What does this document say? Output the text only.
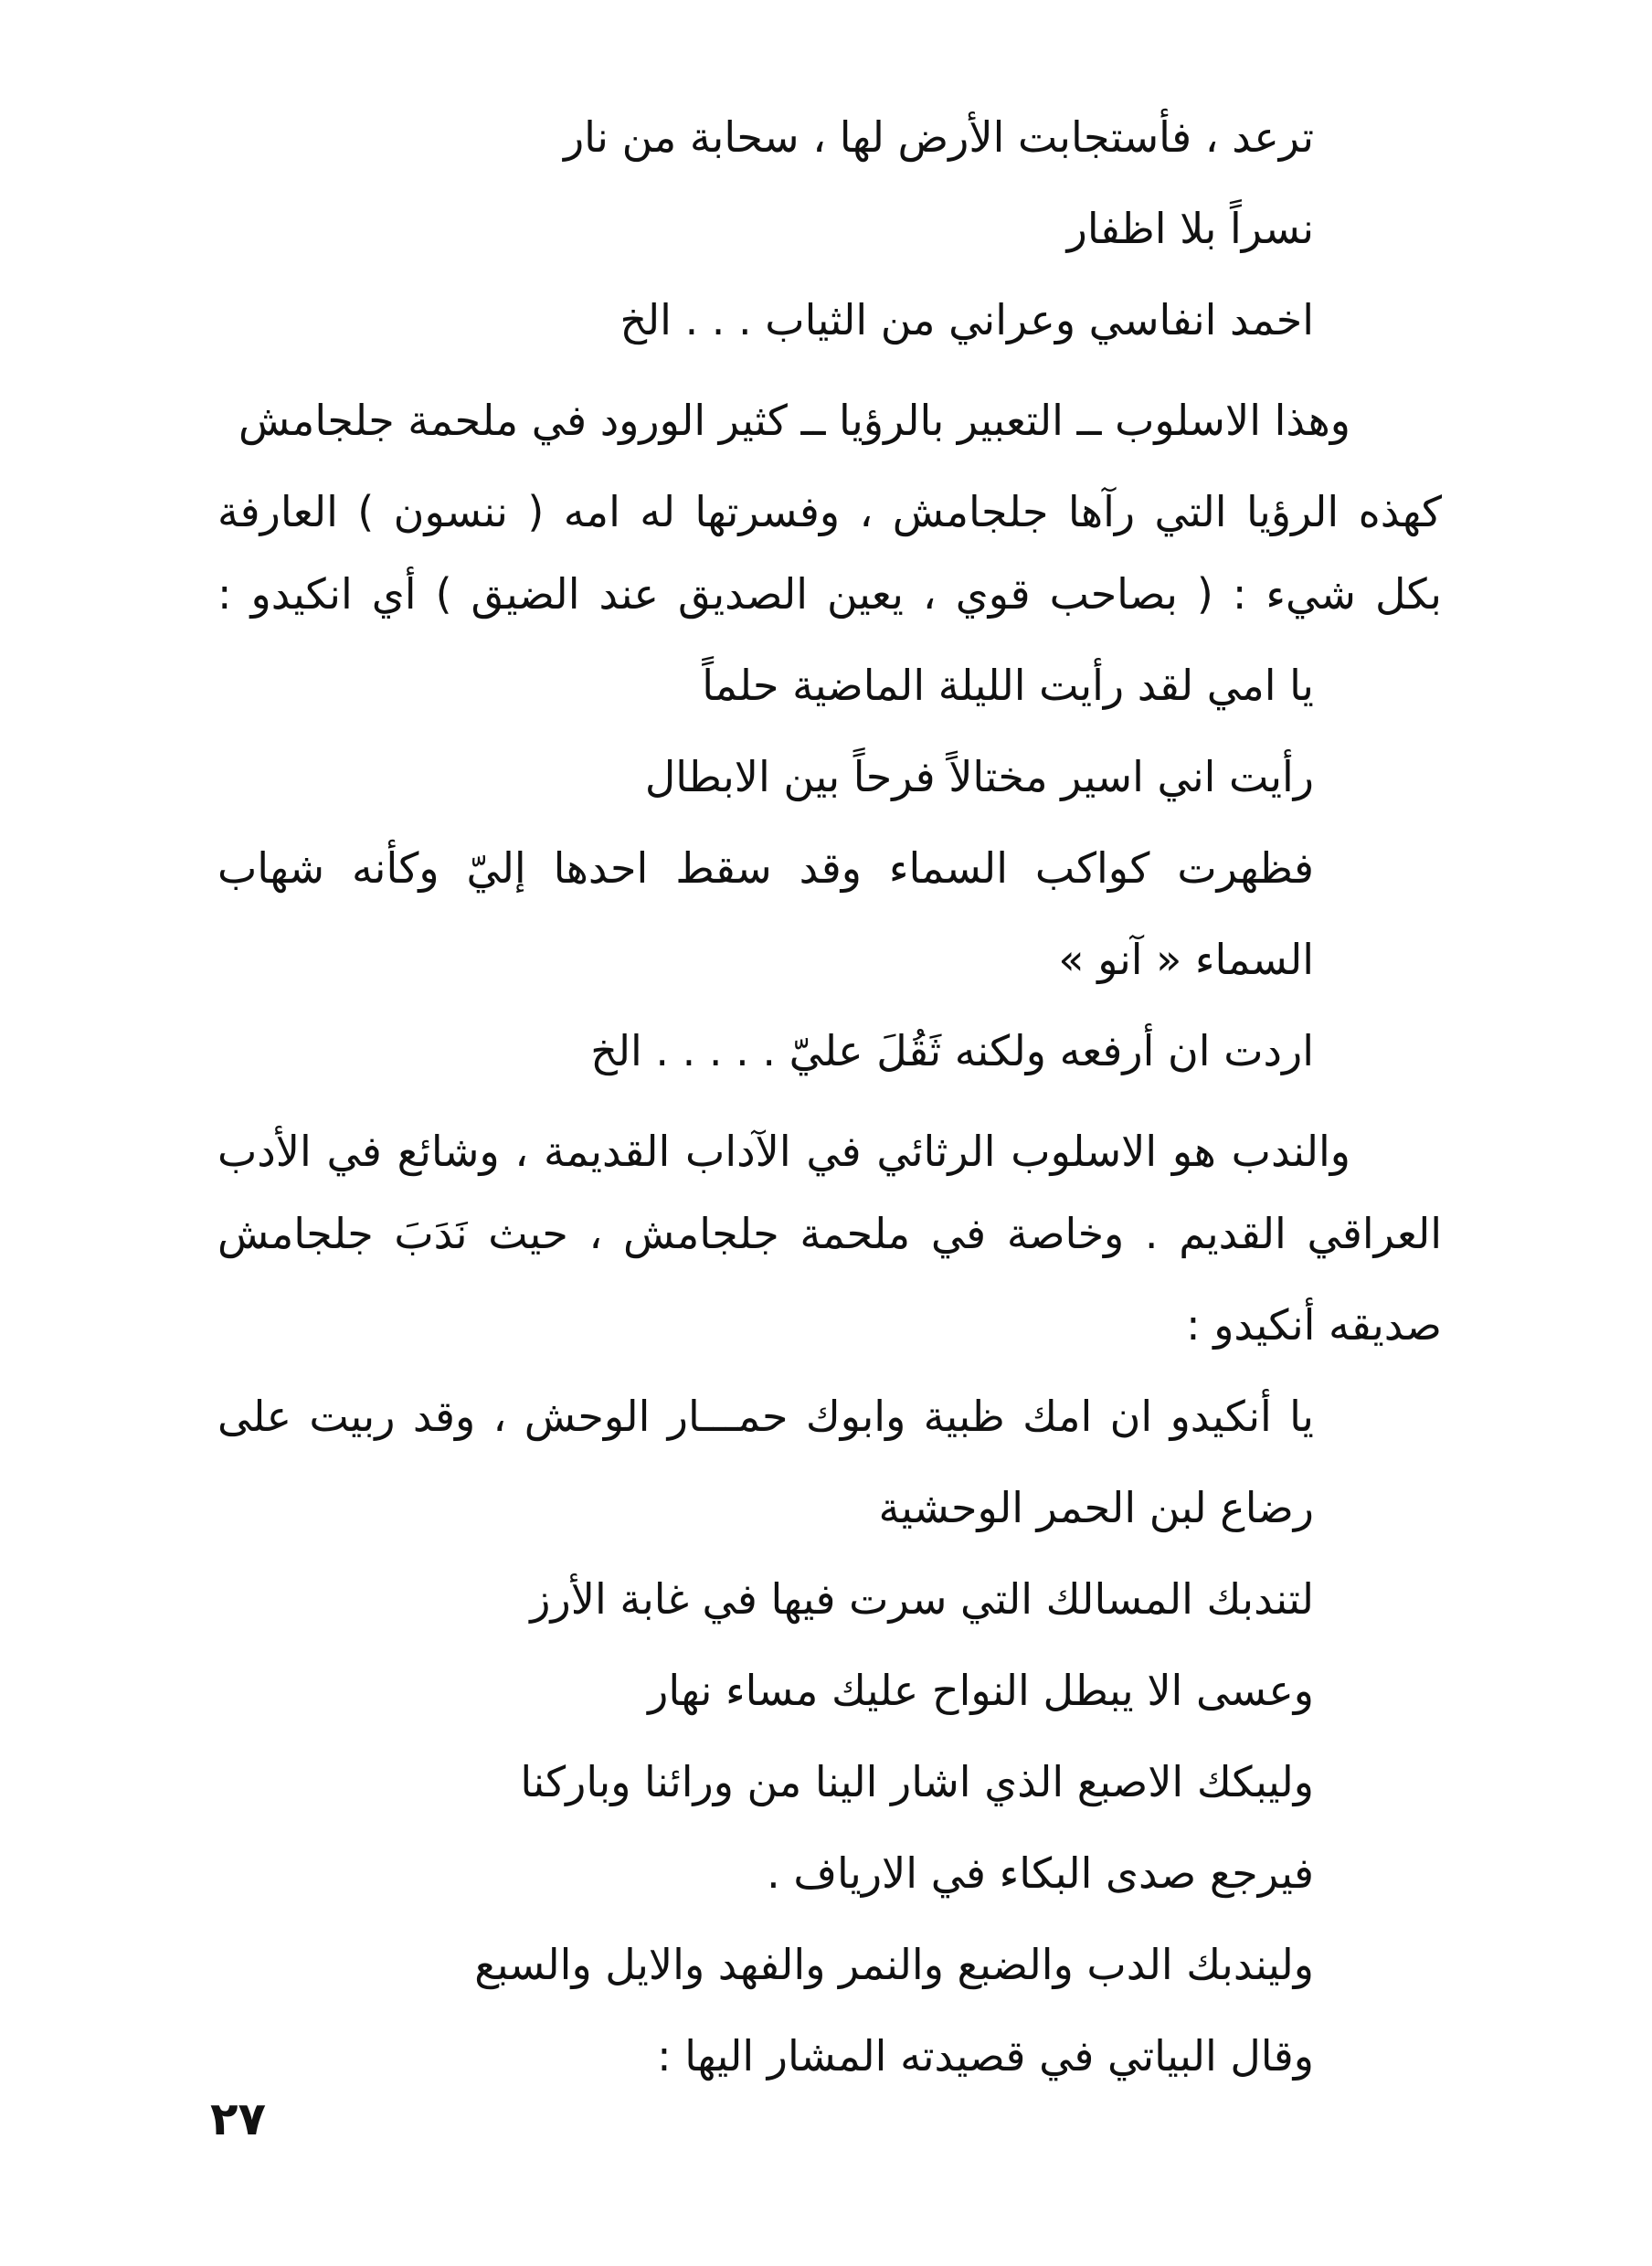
ترعد ، فأستجابت الأرض لها ، سحابة من نار
نسراً بلا اظفار
اخمد انفاسي وعراني من الثياب . . . الخ
وهذا الاسلوب ــ التعبير بالرؤيا ــ كثير الورود في ملحمة جلجامش
كهذه الرؤيا التي رآها جلجامش ، وفسرتها له امه ( ننسون ) العارفة
بكل شيء : ( بصاحب قوي ، يعين الصديق عند الضيق ) أي انكيدو :
يا امي لقد رأيت الليلة الماضية حلماً
رأيت اني اسير مختالاً فرحاً بين الابطال
فظهرت كواكب السماء وقد سقط احدها إليّ وكأنه شهاب
السماء « آنو »
اردت ان أرفعه ولكنه ثَقُلَ عليّ . . . . . الخ
والندب هو الاسلوب الرثائي في الآداب القديمة ، وشائع في الأدب
العراقي القديم . وخاصة في ملحمة جلجامش ، حيث نَدَبَ جلجامش
صديقه أنكيدو :
يا أنكيدو ان امك ظبية وابوك حمـــار الوحش ، وقد ربيت على
رضاع لبن الحمر الوحشية
لتندبك المسالك التي سرت فيها في غابة الأرز
وعسى الا يبطل النواح عليك مساء نهار
وليبكك الاصبع الذي اشار الينا من ورائنا وباركنا
فيرجع صدى البكاء في الارياف .
وليندبك الدب والضبع والنمر والفهد والايل والسبع
وقال البياتي في قصيدته المشار اليها :
٢٧
